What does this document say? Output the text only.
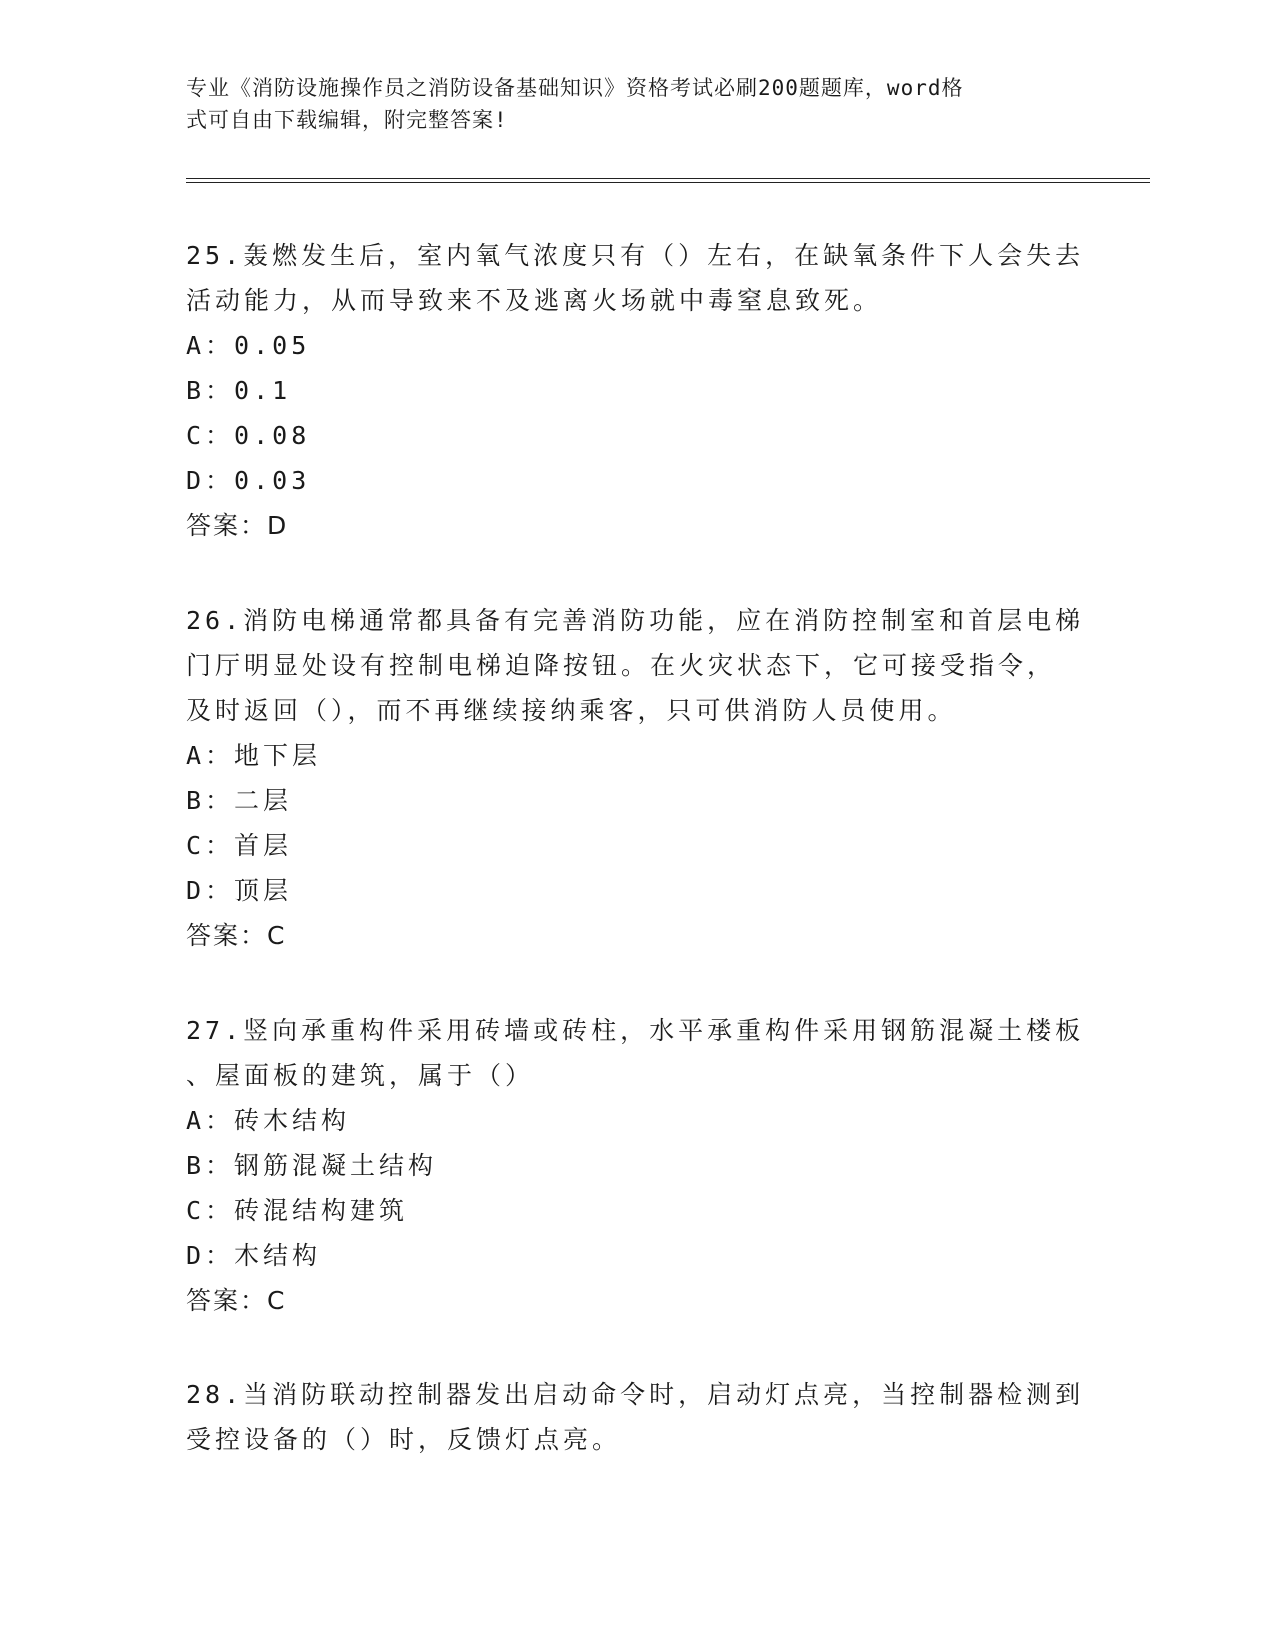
专业《消防设施操作员之消防设备基础知识》资格考试必刷200题题库，word格
式可自由下载编辑，附完整答案!

25.轰燃发生后，室内氧气浓度只有（）左右，在缺氧条件下人会失去
活动能力，从而导致来不及逃离火场就中毒窒息致死。

A：0.05

B：0.1

C：0.08

D：0.03

答案：D

26.消防电梯通常都具备有完善消防功能，应在消防控制室和首层电梯
门厅明显处设有控制电梯迫降按钮。在火灾状态下，它可接受指令，
及时返回（），而不再继续接纳乘客，只可供消防人员使用。

A：地下层

B：二层

C：首层

D：顶层

答案：C

27.竖向承重构件采用砖墙或砖柱，水平承重构件采用钢筋混凝土楼板
、屋面板的建筑，属于（）

A：砖木结构

B：钢筋混凝土结构

C：砖混结构建筑

D：木结构

答案：C

28.当消防联动控制器发出启动命令时，启动灯点亮，当控制器检测到
受控设备的（）时，反馈灯点亮。
